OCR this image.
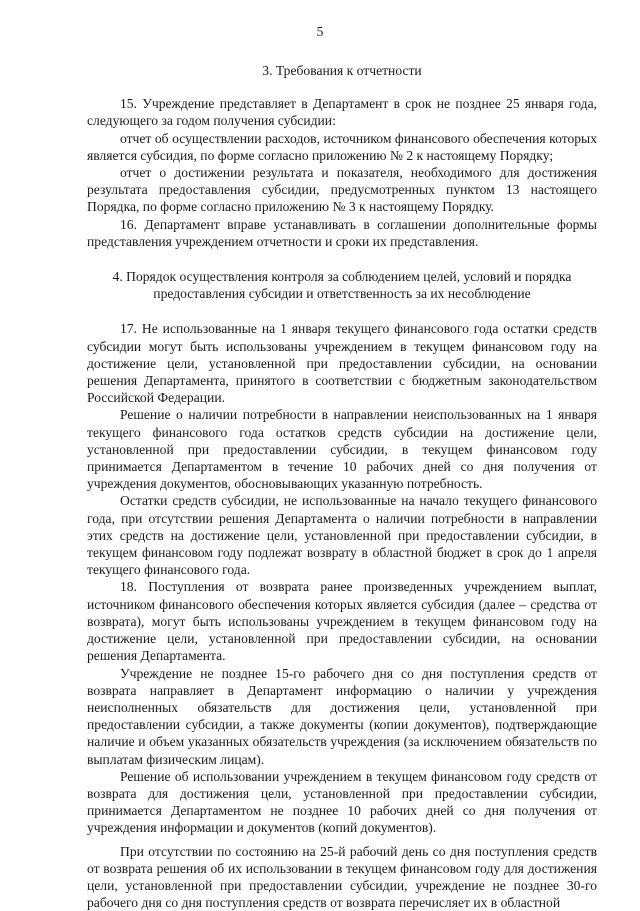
5
3. Требования к отчетности

15. Учреждение представляет в Департамент в срок не позднее 25 января года, следующего за годом получения субсидии:

отчет об осуществлении расходов, источником финансового обеспечения которых является субсидия, по форме согласно приложению № 2 к настоящему Порядку;

отчет о достижении результата и показателя, необходимого для достижения результата предоставления субсидии, предусмотренных пунктом 13 настоящего Порядка, по форме согласно приложению № 3 к настоящему Порядку.

16. Департамент вправе устанавливать в соглашении дополнительные формы представления учреждением отчетности и сроки их представления.

4. Порядок осуществления контроля за соблюдением целей, условий и порядка предоставления субсидии и ответственность за их несоблюдение

17. Не использованные на 1 января текущего финансового года остатки средств субсидии могут быть использованы учреждением в текущем финансовом году на достижение цели, установленной при предоставлении субсидии, на основании решения Департамента, принятого в соответствии с бюджетным законодательством Российской Федерации.

Решение о наличии потребности в направлении неиспользованных на 1 января текущего финансового года остатков средств субсидии на достижение цели, установленной при предоставлении субсидии, в текущем финансовом году принимается Департаментом в течение 10 рабочих дней со дня получения от учреждения документов, обосновывающих указанную потребность.

Остатки средств субсидии, не использованные на начало текущего финансового года, при отсутствии решения Департамента о наличии потребности в направлении этих средств на достижение цели, установленной при предоставлении субсидии, в текущем финансовом году подлежат возврату в областной бюджет в срок до 1 апреля текущего финансового года.

18. Поступления от возврата ранее произведенных учреждением выплат, источником финансового обеспечения которых является субсидия (далее – средства от возврата), могут быть использованы учреждением в текущем финансовом году на достижение цели, установленной при предоставлении субсидии, на основании решения Департамента.

Учреждение не позднее 15-го рабочего дня со дня поступления средств от возврата направляет в Департамент информацию о наличии у учреждения неисполненных обязательств для достижения цели, установленной при предоставлении субсидии, а также документы (копии документов), подтверждающие наличие и объем указанных обязательств учреждения (за исключением обязательств по выплатам физическим лицам).

Решение об использовании учреждением в текущем финансовом году средств от возврата для достижения цели, установленной при предоставлении субсидии, принимается Департаментом не позднее 10 рабочих дней со дня получения от учреждения информации и документов (копий документов).

При отсутствии по состоянию на 25-й рабочий день со дня поступления средств от возврата решения об их использовании в текущем финансовом году для достижения цели, установленной при предоставлении субсидии, учреждение не позднее 30-го рабочего дня со дня поступления средств от возврата перечисляет их в областной
